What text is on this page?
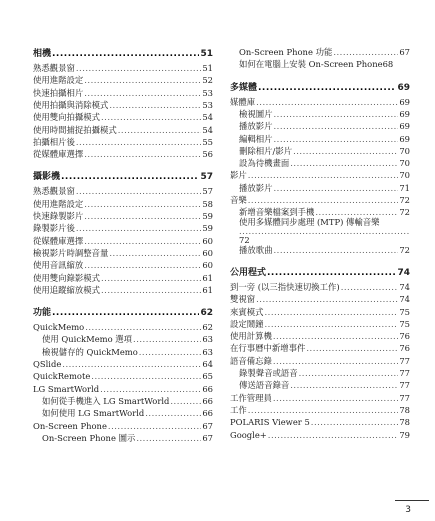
相機 .....	51
熟悉觀景窗 .....	51
使用進階設定 .....	52
快速拍攝相片 .....	53
使用拍攝與消除模式 .....	53
使用雙向拍攝模式 .....	54
使用時間捕捉拍攝模式 .....	54
拍攝相片後 .....	55
從媒體庫選擇 .....	56
攝影機 .....	57
熟悉觀景窗 .....	57
使用進階設定 .....	58
快速錄製影片 .....	59
錄製影片後 .....	59
從媒體庫選擇 .....	60
檢視影片時調整音量 .....	60
使用音訊縮放 .....	60
使用雙向錄影模式 .....	61
使用追蹤縮放模式 .....	61
功能 .....	62
QuickMemo .....	62
使用 QuickMemo 選項 .....	63
檢視儲存的 QuickMemo .....	63
QSlide .....	64
QuickRemote .....	65
LG SmartWorld .....	66
如何從手機進入 LG SmartWorld .....	66
如何使用 LG SmartWorld .....	66
On-Screen Phone .....	67
On-Screen Phone 圖示 .....	67
On-Screen Phone 功能 .....	67
如何在電腦上安裝 On-Screen Phone 68
多媒體 .....	69
媒體庫 .....	69
檢視圖片 .....	69
播放影片 .....	69
編輯相片 .....	69
刪除相片/影片 .....	70
設為待機畫面 .....	70
影片 .....	70
播放影片 .....	71
音樂 .....	72
新增音樂檔案到手機 .....	72
使用多媒體同步處理 (MTP) 傳輸音樂
.....
72
播放歌曲 .....	72
公用程式 .....	74
到一旁 (以三指快速切換工作) .....	74
雙視窗 .....	74
來賓模式 .....	75
設定鬧鐘 .....	75
使用計算機 .....	76
在行事曆中新增事件 .....	76
語音備忘錄 .....	77
錄製聲音或語音 .....	77
傳送語音錄音 .....	77
工作管理員 .....	77
工作 .....	78
POLARIS Viewer 5 .....	78
Google+ .....	79
3
